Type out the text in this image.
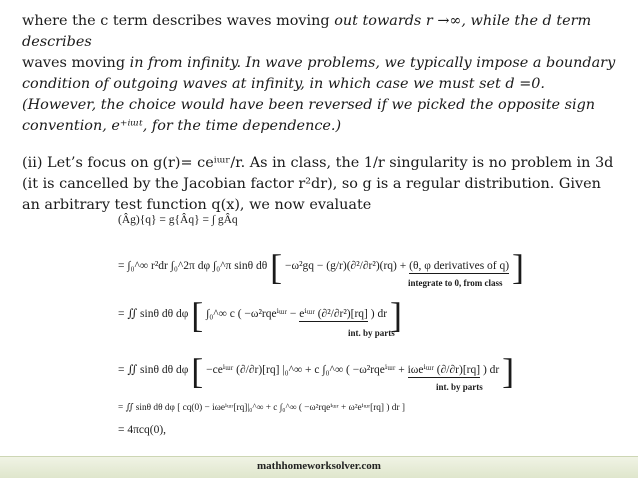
where the c term describes waves moving out towards r →∞, while the d term describes
waves moving in from infinity. In wave problems, we typically impose a boundary condition of outgoing waves at infinity, in which case we must set d =0. (However, the choice would have been reversed if we picked the opposite sign convention, e⁺ⁱᵚᵗ, for the time dependence.)
(ii) Let’s focus on g(r)= ceⁱᵚʳ/r. As in class, the 1/r singularity is no problem in 3d (it is cancelled by the Jacobian factor r²dr), so g is a regular distribution. Given an arbitrary test function q(x), we now evaluate
(Âg){q} = g{Âq} = ∫ gÂq
= ∫₀^∞ r²dr ∫₀^2π dφ ∫₀^π sinθ dθ [ −ω²gq − (g/r)(∂²/∂r²)(rq) + (θ, φ derivatives of q) ]
integrate to 0, from class
= ∬ sinθ dθ dφ [ ∫₀^∞ c ( −ω²rqeⁱᵚʳ − eⁱᵚʳ (∂²/∂r²)[rq] ) dr ]
int. by parts
= ∬ sinθ dθ dφ [ −ceⁱᵚʳ (∂/∂r)[rq] |₀^∞ + c ∫₀^∞ ( −ω²rqeⁱᵚʳ + iωeⁱᵚʳ (∂/∂r)[rq] ) dr ]
int. by parts
= ∬ sinθ dθ dφ [ cq(0) − iωeⁱᵚʳ[rq]|₀^∞ + c ∫₀^∞ ( −ω²rqeⁱᵚʳ + ω²eⁱᵚʳ[rq] ) dr ]
= 4πcq(0),
mathhomeworksolver.com
